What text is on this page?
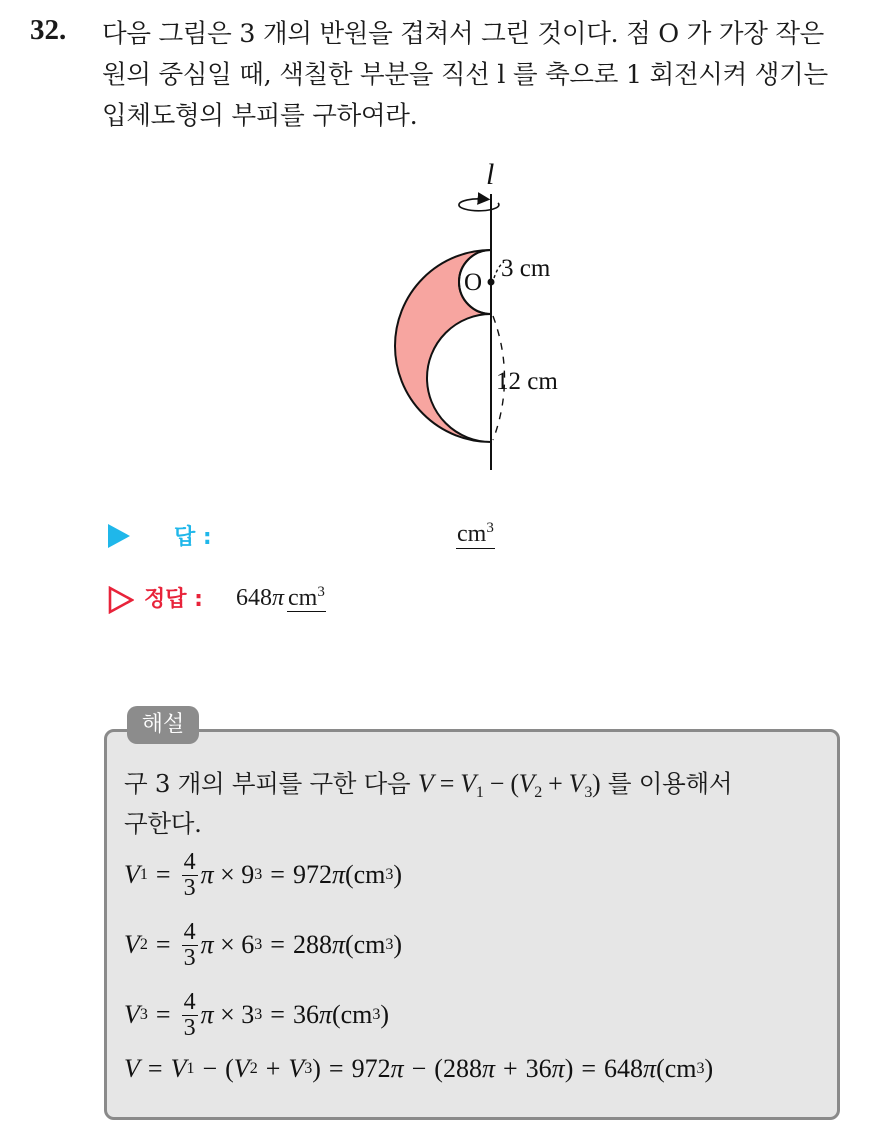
32. 다음 그림은 3 개의 반원을 겹쳐서 그린 것이다. 점 O 가 가장 작은
원의 중심일 때, 색칠한 부분을 직선 l 를 축으로 1 회전시켜 생기는
입체도형의 부피를 구하여라.
l
O
3 cm
12 cm
답 :	$cm^3$
정답 : 648π $cm^3$
해설
구 3 개의 부피를 구한 다음 $V = V_1 - (V_2 + V_3)$ 를 이용해서
구한다.
V $1 = \frac{4}{3}$ π × 9 3 = 972 π (cm 3 )
V $2 = \frac{4}{3}$ π × 6 3 = 288 π (cm 3 )
V $3 = \frac{4}{3}$ π × 3 3 = 36 π (cm 3 )
V = V 1 − ( V 2 + V 3 ) = 972 π − (288 π + 36 π ) = 648 π (cm 3 )
